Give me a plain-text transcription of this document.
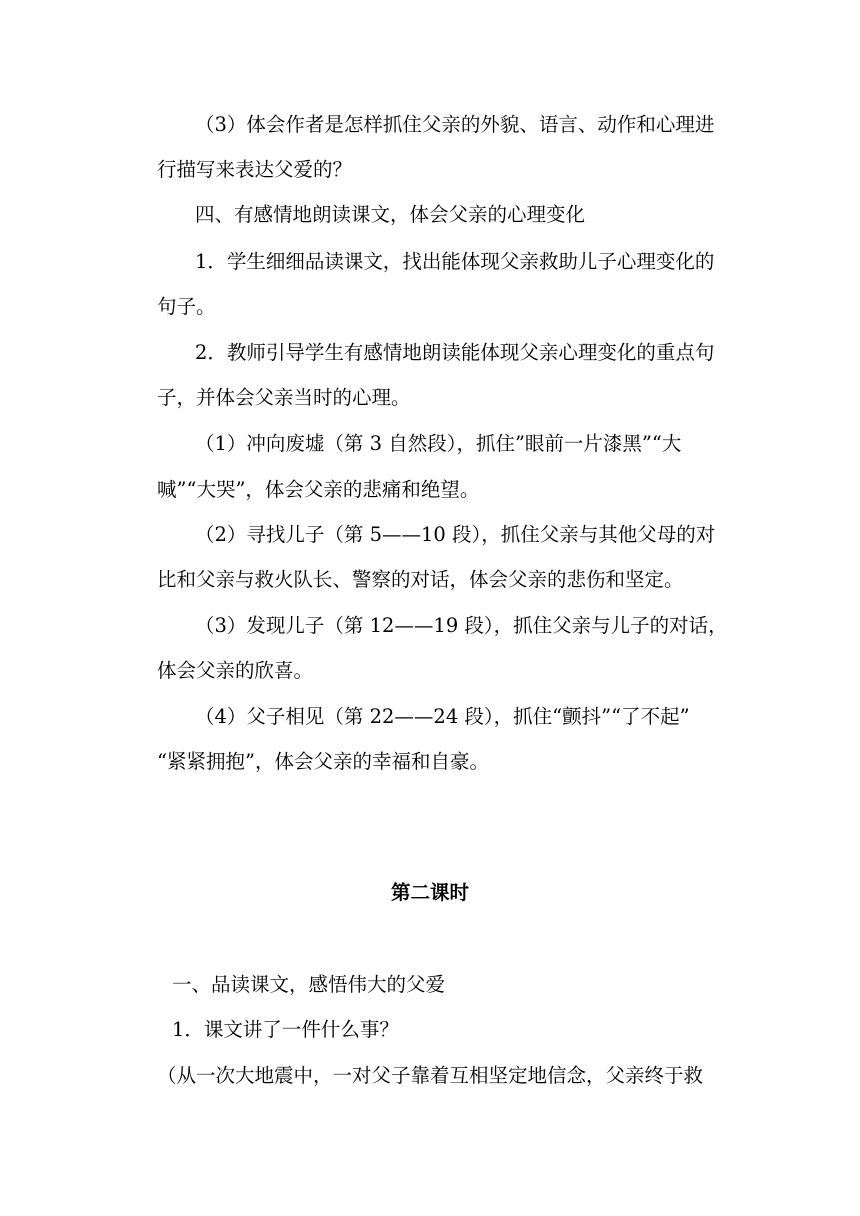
（3）体会作者是怎样抓住父亲的外貌、语言、动作和心理进
行描写来表达父爱的？
四、有感情地朗读课文，体会父亲的心理变化
1．学生细细品读课文，找出能体现父亲救助儿子心理变化的
句子。
2．教师引导学生有感情地朗读能体现父亲心理变化的重点句
子，并体会父亲当时的心理。
（1）冲向废墟（第 3 自然段），抓住”眼前一片漆黑”“大
喊”“大哭”，体会父亲的悲痛和绝望。
（2）寻找儿子（第 5——10 段），抓住父亲与其他父母的对
比和父亲与救火队长、警察的对话，体会父亲的悲伤和坚定。
（3）发现儿子（第 12——19 段），抓住父亲与儿子的对话，
体会父亲的欣喜。
（4）父子相见（第 22——24 段），抓住“颤抖”“了不起”
“紧紧拥抱”，体会父亲的幸福和自豪。
第二课时
一、品读课文，感悟伟大的父爱
1．课文讲了一件什么事？
（从一次大地震中，一对父子靠着互相坚定地信念，父亲终于救
